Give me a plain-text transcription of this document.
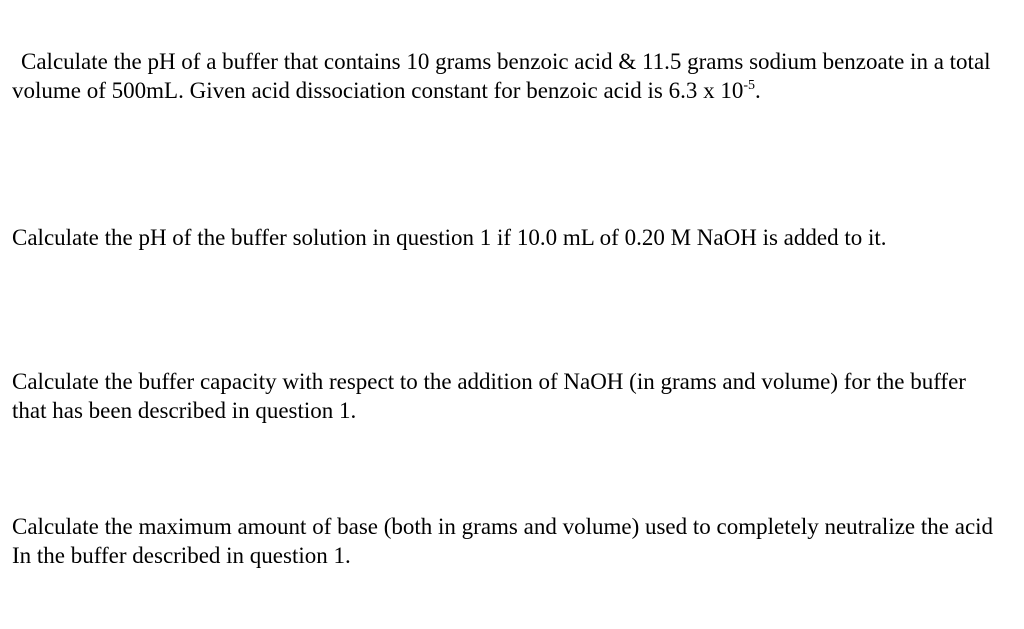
Calculate the pH of a buffer that contains 10 grams benzoic acid & 11.5 grams sodium benzoate in a total volume of 500mL. Given acid dissociation constant for benzoic acid is 6.3 x $10^{-5}$.

Calculate the pH of the buffer solution in question 1 if 10.0 mL of 0.20 M NaOH is added to it.

Calculate the buffer capacity with respect to the addition of NaOH (in grams and volume) for the buffer that has been described in question 1.

Calculate the maximum amount of base (both in grams and volume) used to completely neutralize the acid In the buffer described in question 1.
